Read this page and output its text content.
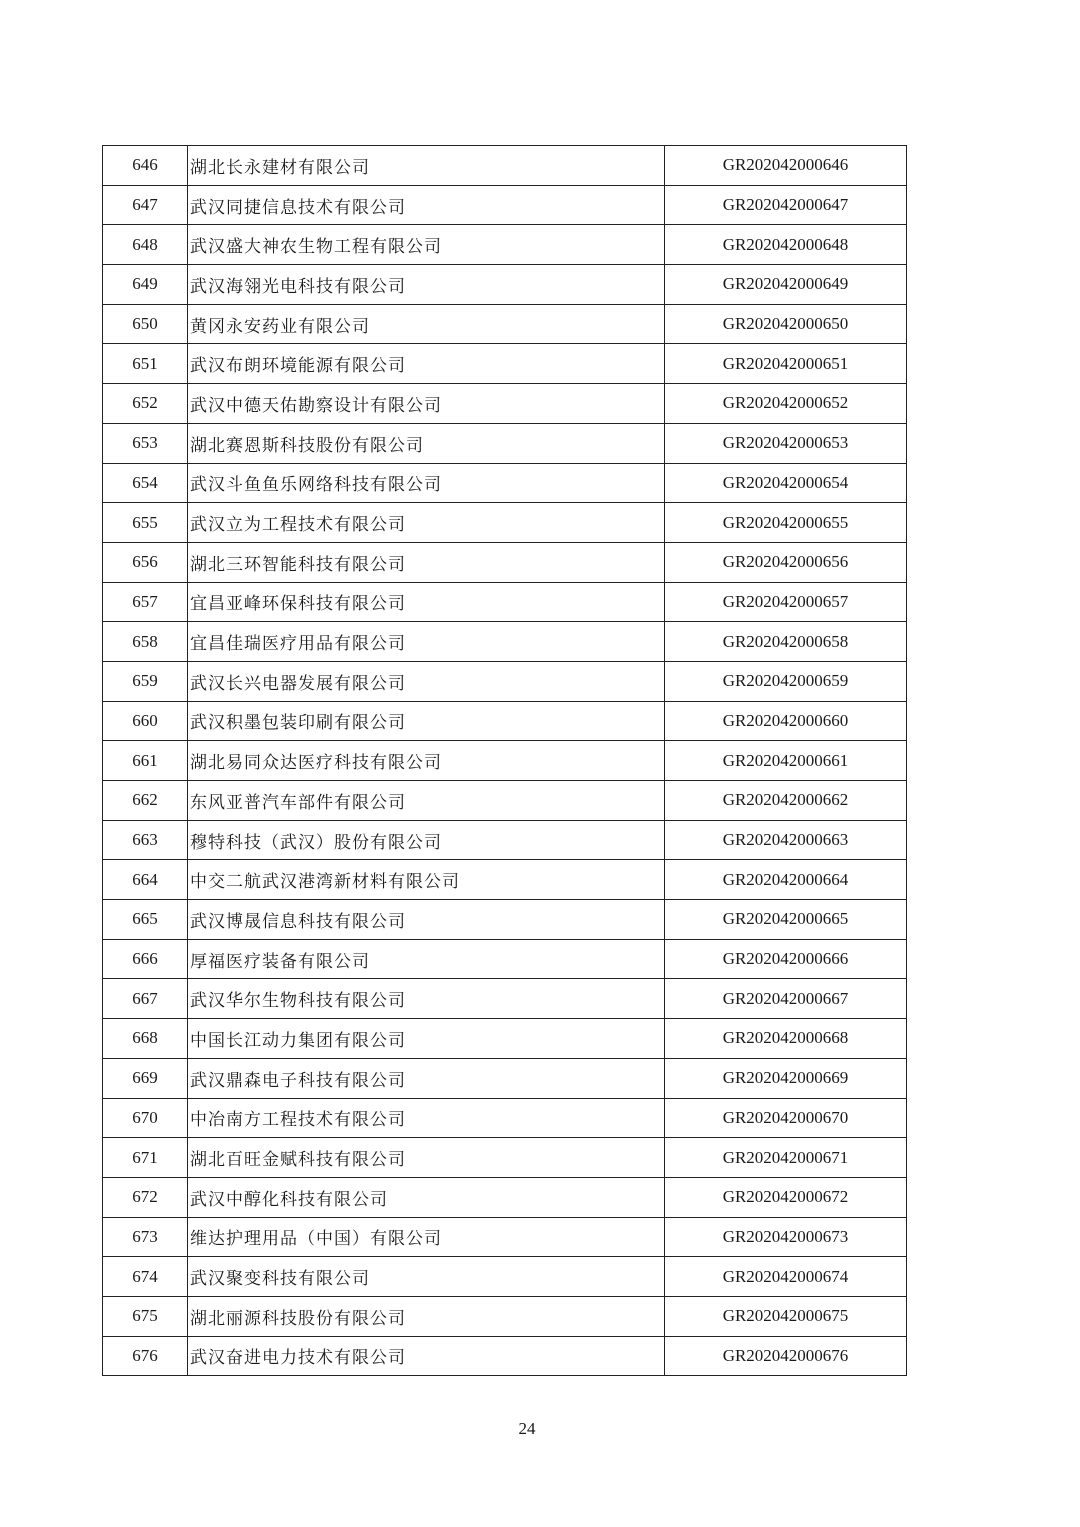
646	湖北长永建材有限公司	GR202042000646
647	武汉同捷信息技术有限公司	GR202042000647
648	武汉盛大神农生物工程有限公司	GR202042000648
649	武汉海翎光电科技有限公司	GR202042000649
650	黄冈永安药业有限公司	GR202042000650
651	武汉布朗环境能源有限公司	GR202042000651
652	武汉中德天佑勘察设计有限公司	GR202042000652
653	湖北赛恩斯科技股份有限公司	GR202042000653
654	武汉斗鱼鱼乐网络科技有限公司	GR202042000654
655	武汉立为工程技术有限公司	GR202042000655
656	湖北三环智能科技有限公司	GR202042000656
657	宜昌亚峰环保科技有限公司	GR202042000657
658	宜昌佳瑞医疗用品有限公司	GR202042000658
659	武汉长兴电器发展有限公司	GR202042000659
660	武汉积墨包装印刷有限公司	GR202042000660
661	湖北易同众达医疗科技有限公司	GR202042000661
662	东风亚普汽车部件有限公司	GR202042000662
663	穆特科技（武汉）股份有限公司	GR202042000663
664	中交二航武汉港湾新材料有限公司	GR202042000664
665	武汉博晟信息科技有限公司	GR202042000665
666	厚福医疗装备有限公司	GR202042000666
667	武汉华尔生物科技有限公司	GR202042000667
668	中国长江动力集团有限公司	GR202042000668
669	武汉鼎森电子科技有限公司	GR202042000669
670	中冶南方工程技术有限公司	GR202042000670
671	湖北百旺金赋科技有限公司	GR202042000671
672	武汉中醇化科技有限公司	GR202042000672
673	维达护理用品（中国）有限公司	GR202042000673
674	武汉聚变科技有限公司	GR202042000674
675	湖北丽源科技股份有限公司	GR202042000675
676	武汉奋进电力技术有限公司	GR202042000676
24
